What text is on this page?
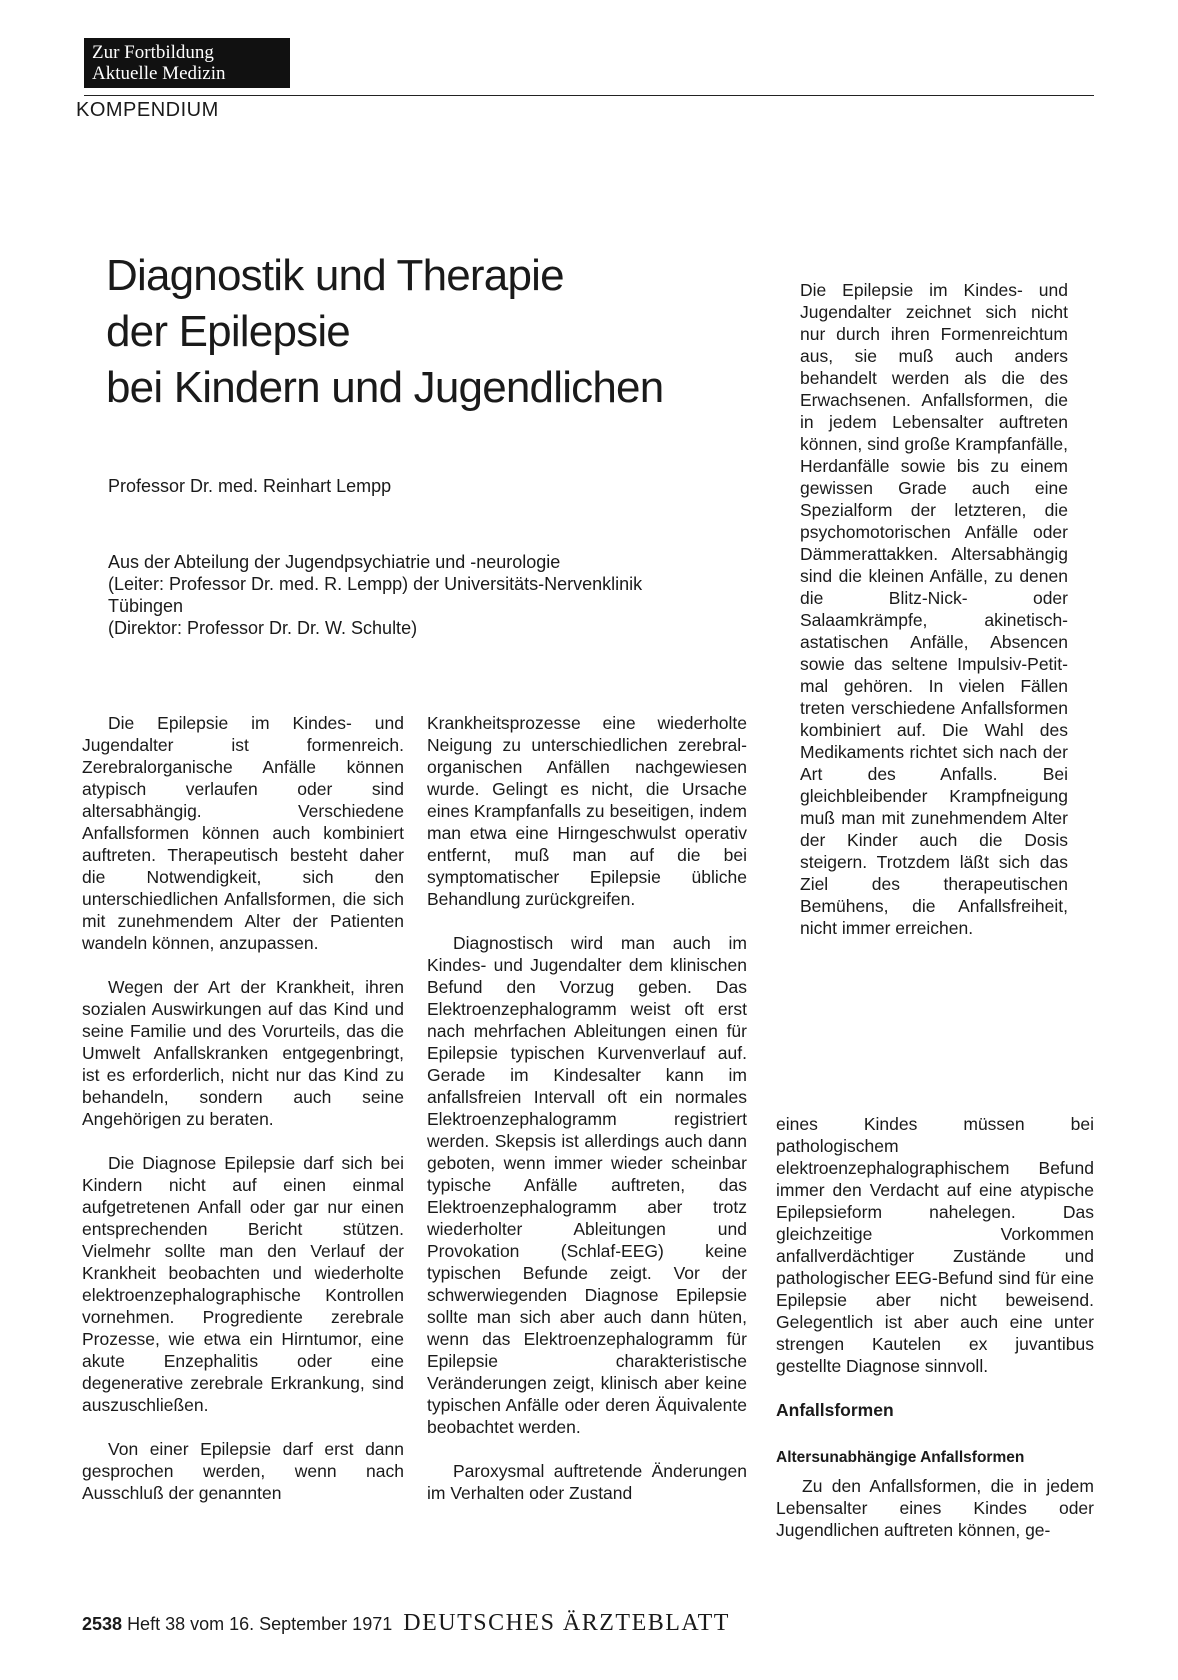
Zur Fortbildung
Aktuelle Medizin
KOMPENDIUM
Diagnostik und Therapie
der Epilepsie
bei Kindern und Jugendlichen
Professor Dr. med. Reinhart Lempp
Aus der Abteilung der Jugendpsychiatrie und -neurologie
(Leiter: Professor Dr. med. R. Lempp) der Universitäts-Nervenklinik
Tübingen
(Direktor: Professor Dr. Dr. W. Schulte)

Die Epilepsie im Kindes- und Jugendalter ist formenreich. Zerebralorganische Anfälle können atypisch verlaufen oder sind altersabhängig. Verschiedene Anfallsformen können auch kombiniert auftreten. Therapeutisch besteht daher die Notwendigkeit, sich den unterschiedlichen Anfallsformen, die sich mit zunehmendem Alter der Patienten wandeln können, anzupassen.

Wegen der Art der Krankheit, ihren sozialen Auswirkungen auf das Kind und seine Familie und des Vorurteils, das die Umwelt Anfallskranken entgegenbringt, ist es erforderlich, nicht nur das Kind zu behandeln, sondern auch seine Angehörigen zu beraten.

Die Diagnose Epilepsie darf sich bei Kindern nicht auf einen einmal aufgetretenen Anfall oder gar nur einen entsprechenden Bericht stützen. Vielmehr sollte man den Verlauf der Krankheit beobachten und wiederholte elektroenzephalographische Kontrollen vornehmen. Progrediente zerebrale Prozesse, wie etwa ein Hirntumor, eine akute Enzephalitis oder eine degenerative zerebrale Erkrankung, sind auszuschließen.

Von einer Epilepsie darf erst dann gesprochen werden, wenn nach Ausschluß der genannten

Krankheitsprozesse eine wiederholte Neigung zu unterschiedlichen zerebral-organischen Anfällen nachgewiesen wurde. Gelingt es nicht, die Ursache eines Krampfanfalls zu beseitigen, indem man etwa eine Hirngeschwulst operativ entfernt, muß man auf die bei symptomatischer Epilepsie übliche Behandlung zurückgreifen.

Diagnostisch wird man auch im Kindes- und Jugendalter dem klinischen Befund den Vorzug geben. Das Elektroenzephalogramm weist oft erst nach mehrfachen Ableitungen einen für Epilepsie typischen Kurvenverlauf auf. Gerade im Kindesalter kann im anfallsfreien Intervall oft ein normales Elektroenzephalogramm registriert werden. Skepsis ist allerdings auch dann geboten, wenn immer wieder scheinbar typische Anfälle auftreten, das Elektroenzephalogramm aber trotz wiederholter Ableitungen und Provokation (Schlaf-EEG) keine typischen Befunde zeigt. Vor der schwerwiegenden Diagnose Epilepsie sollte man sich aber auch dann hüten, wenn das Elektroenzephalogramm für Epilepsie charakteristische Veränderungen zeigt, klinisch aber keine typischen Anfälle oder deren Äquivalente beobachtet werden.

Paroxysmal auftretende Änderungen im Verhalten oder Zustand

Die Epilepsie im Kindes- und Jugendalter zeichnet sich nicht nur durch ihren Formenreichtum aus, sie muß auch anders behandelt werden als die des Erwachsenen. Anfallsformen, die in jedem Lebensalter auftreten können, sind große Krampfanfälle, Herdanfälle sowie bis zu einem gewissen Grade auch eine Spezialform der letzteren, die psychomotorischen Anfälle oder Dämmerattakken. Altersabhängig sind die kleinen Anfälle, zu denen die Blitz-Nick- oder Salaamkrämpfe, akinetisch-astatischen Anfälle, Absencen sowie das seltene Impulsiv-Petit-mal gehören. In vielen Fällen treten verschiedene Anfallsformen kombiniert auf. Die Wahl des Medikaments richtet sich nach der Art des Anfalls. Bei gleichbleibender Krampfneigung muß man mit zunehmendem Alter der Kinder auch die Dosis steigern. Trotzdem läßt sich das Ziel des therapeutischen Bemühens, die Anfallsfreiheit, nicht immer erreichen.

eines Kindes müssen bei pathologischem elektroenzephalographischem Befund immer den Verdacht auf eine atypische Epilepsieform nahelegen. Das gleichzeitige Vorkommen anfallverdächtiger Zustände und pathologischer EEG-Befund sind für eine Epilepsie aber nicht beweisend. Gelegentlich ist aber auch eine unter strengen Kautelen ex juvantibus gestellte Diagnose sinnvoll.

Anfallsformen
Altersunabhängige Anfallsformen

Zu den Anfallsformen, die in jedem Lebensalter eines Kindes oder Jugendlichen auftreten können, ge-

2538 Heft 38 vom 16. September 1971 DEUTSCHES ÄRZTEBLATT
